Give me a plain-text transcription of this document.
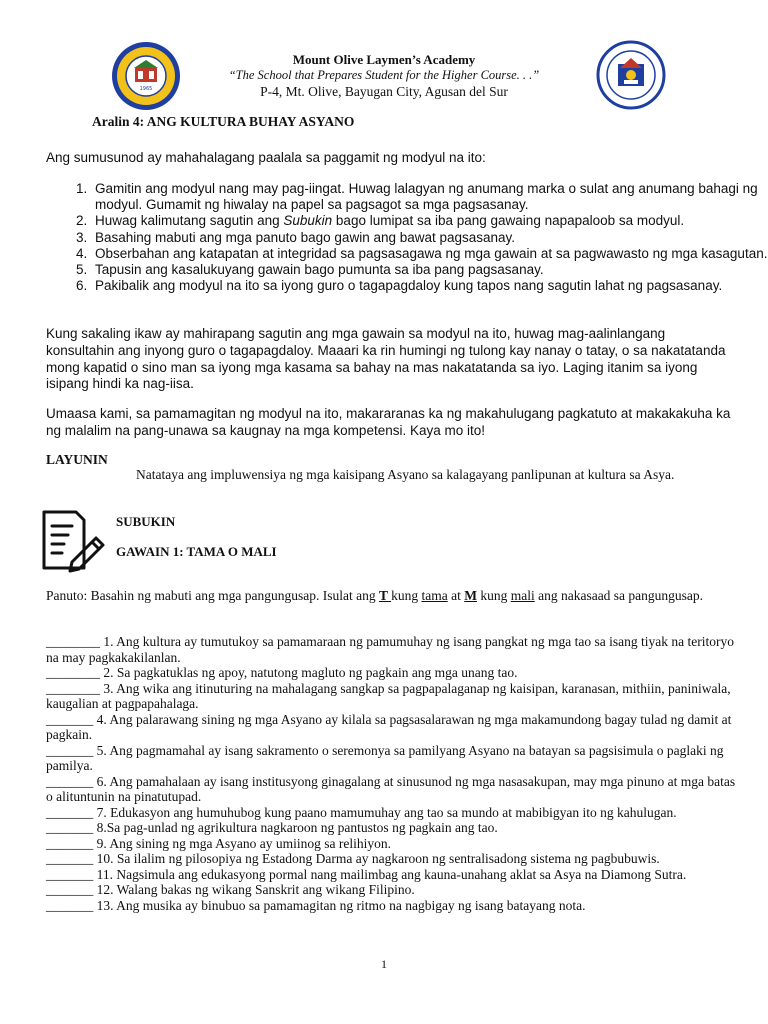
1965
Mount Olive Laymen’s Academy
“The School that Prepares Student for the Higher Course. . .”
P-4, Mt. Olive, Bayugan City, Agusan del Sur
Aralin 4: ANG KULTURA BUHAY ASYANO
Ang sumusunod ay mahahalagang paalala sa paggamit ng modyul na ito:
1. Gamitin ang modyul nang may pag-iingat. Huwag lalagyan ng anumang marka o sulat ang anumang bahagi ng modyul. Gumamit ng hiwalay na papel sa pagsagot sa mga pagsasanay.
2. Huwag kalimutang sagutin ang Subukin bago lumipat sa iba pang gawaing napapaloob sa modyul.
3. Basahing mabuti ang mga panuto bago gawin ang bawat pagsasanay.
4. Obserbahan ang katapatan at integridad sa pagsasagawa ng mga gawain at sa pagwawasto ng mga kasagutan.
5. Tapusin ang kasalukuyang gawain bago pumunta sa iba pang pagsasanay.
6. Pakibalik ang modyul na ito sa iyong guro o tagapagdaloy kung tapos nang sagutin lahat ng pagsasanay.
Kung sakaling ikaw ay mahirapang sagutin ang mga gawain sa modyul na ito, huwag mag-aalinlangang konsultahin ang inyong guro o tagapagdaloy. Maaari ka rin humingi ng tulong kay nanay o tatay, o sa nakatatanda mong kapatid o sino man sa iyong mga kasama sa bahay na mas nakatatanda sa iyo. Laging itanim sa iyong isipang hindi ka nag-iisa.
Umaasa kami, sa pamamagitan ng modyul na ito, makararanas ka ng makahulugang pagkatuto at makakakuha ka ng malalim na pang-unawa sa kaugnay na mga kompetensi. Kaya mo ito!
LAYUNIN
Natataya ang impluwensiya ng mga kaisipang Asyano sa kalagayang panlipunan at kultura sa Asya.
SUBUKIN
GAWAIN 1: TAMA O MALI
Panuto: Basahin ng mabuti ang mga pangungusap. Isulat ang T kung tama at M kung mali ang nakasaad sa pangungusap.

________ 1. Ang kultura ay tumutukoy sa pamamaraan ng pamumuhay ng isang pangkat ng mga tao sa isang tiyak na teritoryo na may pagkakakilanlan.

________ 2. Sa pagkatuklas ng apoy, natutong magluto ng pagkain ang mga unang tao.

________ 3. Ang wika ang itinuturing na mahalagang sangkap sa pagpapalaganap ng kaisipan, karanasan, mithiin, paniniwala, kaugalian at pagpapahalaga.

_______ 4. Ang palarawang sining ng mga Asyano ay kilala sa pagsasalarawan ng mga makamundong bagay tulad ng damit at pagkain.

_______ 5. Ang pagmamahal ay isang sakramento o seremonya sa pamilyang Asyano na batayan sa pagsisimula o paglaki ng pamilya.

_______ 6. Ang pamahalaan ay isang institusyong ginagalang at sinusunod ng mga nasasakupan, may mga pinuno at mga batas o alituntunin na pinatutupad.

_______ 7. Edukasyon ang humuhubog kung paano mamumuhay ang tao sa mundo at mabibigyan ito ng kahulugan.

_______ 8.Sa pag-unlad ng agrikultura nagkaroon ng pantustos ng pagkain ang tao.

_______ 9. Ang sining ng mga Asyano ay umiinog sa relihiyon.

_______ 10. Sa ilalim ng pilosopiya ng Estadong Darma ay nagkaroon ng sentralisadong sistema ng pagbubuwis.

_______ 11. Nagsimula ang edukasyong pormal nang mailimbag ang kauna-unahang aklat sa Asya na Diamong Sutra.

_______ 12. Walang bakas ng wikang Sanskrit ang wikang Filipino.

_______ 13. Ang musika ay binubuo sa pamamagitan ng ritmo na nagbigay ng isang batayang nota.

1
